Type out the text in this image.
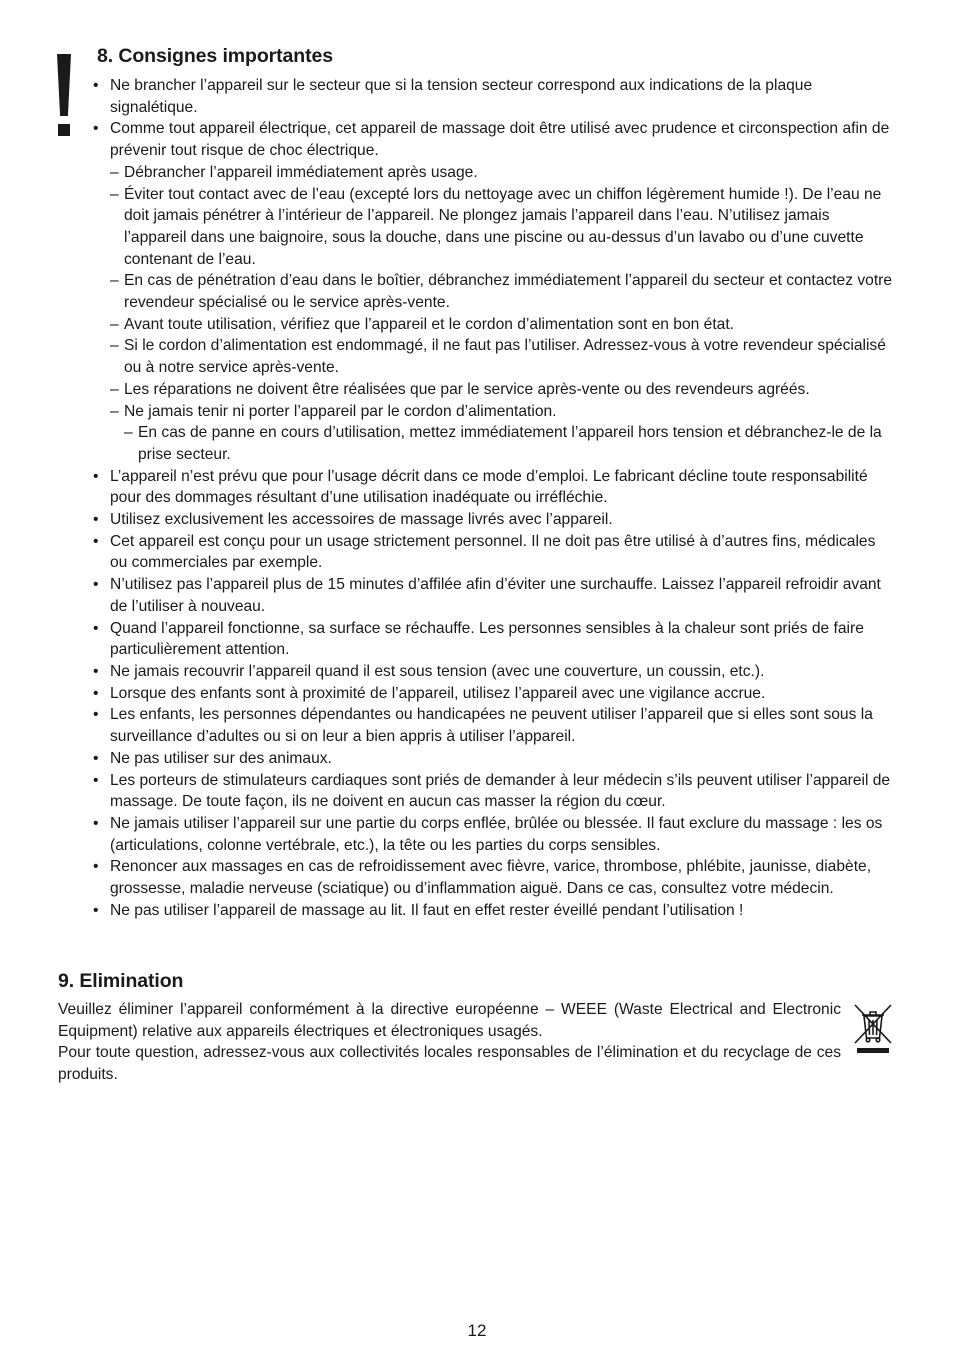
8. Consignes importantes
• Ne brancher l’appareil sur le secteur que si la tension secteur correspond aux indications de la plaque signalétique.
• Comme tout appareil électrique, cet appareil de massage doit être utilisé avec prudence et circonspection afin de prévenir tout risque de choc électrique.
– Débrancher l’appareil immédiatement après usage.
– Éviter tout contact avec de l’eau (excepté lors du nettoyage avec un chiffon légèrement humide !). De l’eau ne doit jamais pénétrer à l’intérieur de l’appareil. Ne plongez jamais l’appareil dans l’eau. N’utilisez jamais l’appareil dans une baignoire, sous la douche, dans une piscine ou au-dessus d’un lavabo ou d’une cuvette contenant de l’eau.
– En cas de pénétration d’eau dans le boîtier, débranchez immédiatement l’appareil du secteur et contactez votre revendeur spécialisé ou le service après-vente.
– Avant toute utilisation, vérifiez que l’appareil et le cordon d’alimentation sont en bon état.
– Si le cordon d’alimentation est endommagé, il ne faut pas l’utiliser. Adressez-vous à votre revendeur spécialisé ou à notre service après-vente.
– Les réparations ne doivent être réalisées que par le service après-vente ou des revendeurs agréés.
– Ne jamais tenir ni porter l’appareil par le cordon d’alimentation.
– En cas de panne en cours d’utilisation, mettez immédiatement l’appareil hors tension et débranchez-le de la prise secteur.
• L’appareil n’est prévu que pour l’usage décrit dans ce mode d’emploi. Le fabricant décline toute responsabilité pour des dommages résultant d’une utilisation inadéquate ou irréfléchie.
• Utilisez exclusivement les accessoires de massage livrés avec l’appareil.
• Cet appareil est conçu pour un usage strictement personnel. Il ne doit pas être utilisé à d’autres fins, médicales ou commerciales par exemple.
• N’utilisez pas l’appareil plus de 15 minutes d’affilée afin d’éviter une surchauffe. Laissez l’appareil refroidir avant de l’utiliser à nouveau.
• Quand l’appareil fonctionne, sa surface se réchauffe. Les personnes sensibles à la chaleur sont priés de faire particulièrement attention.
• Ne jamais recouvrir l’appareil quand il est sous tension (avec une couverture, un coussin, etc.).
• Lorsque des enfants sont à proximité de l’appareil, utilisez l’appareil avec une vigilance accrue.
• Les enfants, les personnes dépendantes ou handicapées ne peuvent utiliser l’appareil que si elles sont sous la surveillance d’adultes ou si on leur a bien appris à utiliser l’appareil.
• Ne pas utiliser sur des animaux.
• Les porteurs de stimulateurs cardiaques sont priés de demander à leur médecin s’ils peuvent utiliser l’appareil de massage. De toute façon, ils ne doivent en aucun cas masser la région du cœur.
• Ne jamais utiliser l’appareil sur une partie du corps enflée, brûlée ou blessée. Il faut exclure du massage : les os (articulations, colonne vertébrale, etc.), la tête ou les parties du corps sensibles.
• Renoncer aux massages en cas de refroidissement avec fièvre, varice, thrombose, phlébite, jaunisse, diabète, grossesse, maladie nerveuse (sciatique) ou d’inflammation aiguë. Dans ce cas, consultez votre médecin.
• Ne pas utiliser l’appareil de massage au lit. Il faut en effet rester éveillé pendant l’utilisation !
9. Elimination

Veuillez éliminer l’appareil conformément à la directive européenne – WEEE (Waste Electrical and Electronic Equipment) relative aux appareils électriques et électroniques usagés.

Pour toute question, adressez-vous aux collectivités locales responsables de l’élimination et du recyclage de ces produits.

12
